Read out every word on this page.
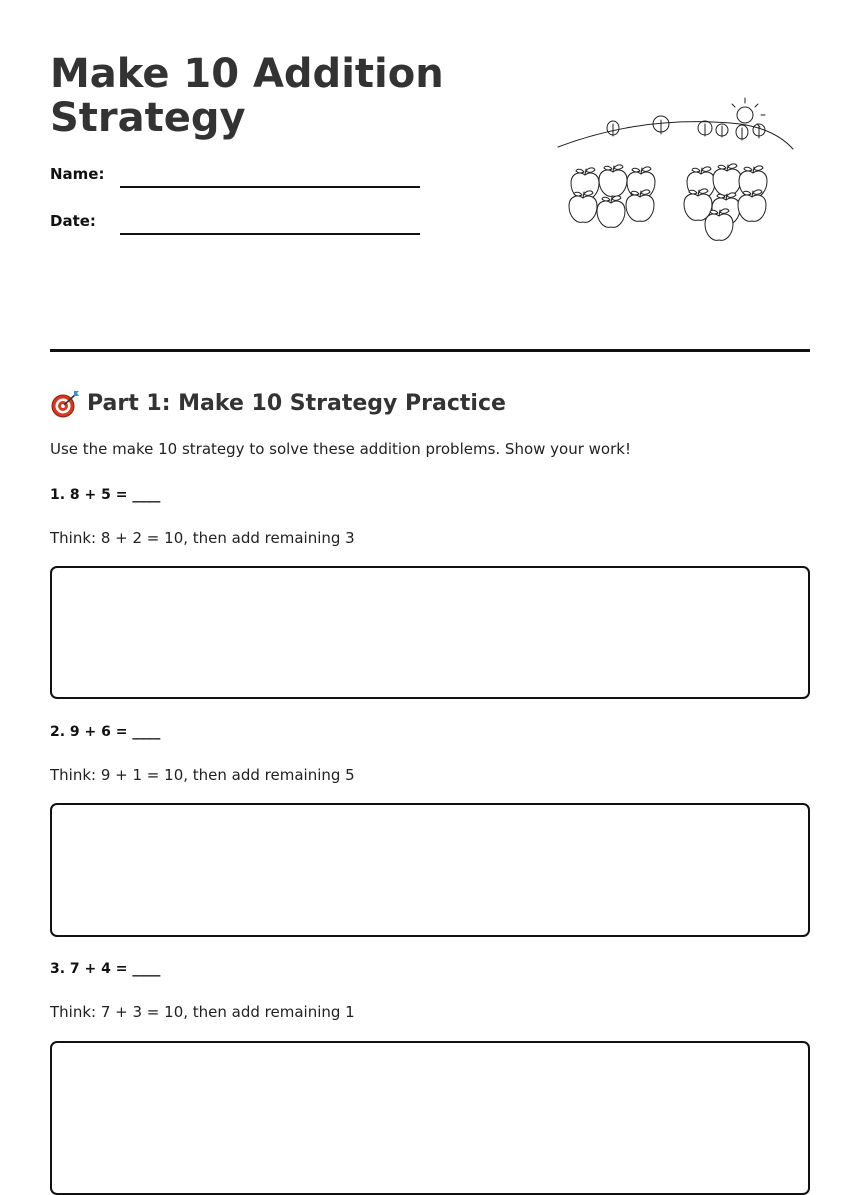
Make 10 Addition Strategy
Name:
Date:
Part 1: Make 10 Strategy Practice
Use the make 10 strategy to solve these addition problems. Show your work!
1. 8 + 5 = ____
Think: 8 + 2 = 10, then add remaining 3
2. 9 + 6 = ____
Think: 9 + 1 = 10, then add remaining 5
3. 7 + 4 = ____
Think: 7 + 3 = 10, then add remaining 1
